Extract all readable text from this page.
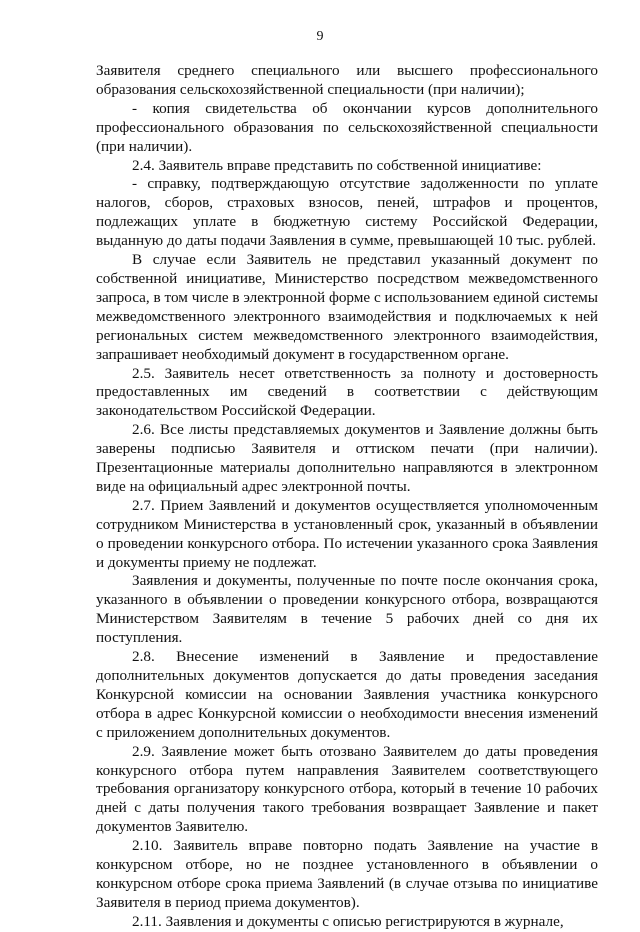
9

Заявителя среднего специального или высшего профессионального образования сельскохозяйственной специальности (при наличии);

- копия свидетельства об окончании курсов дополнительного профессионального образования по сельскохозяйственной специальности (при наличии).

2.4. Заявитель вправе представить по собственной инициативе:

- справку, подтверждающую отсутствие задолженности по уплате налогов, сборов, страховых взносов, пеней, штрафов и процентов, подлежащих уплате в бюджетную систему Российской Федерации, выданную до даты подачи Заявления в сумме, превышающей 10 тыс. рублей.

В случае если Заявитель не представил указанный документ по собственной инициативе, Министерство посредством межведомственного запроса, в том числе в электронной форме с использованием единой системы межведомственного электронного взаимодействия и подключаемых к ней региональных систем межведомственного электронного взаимодействия, запрашивает необходимый документ в государственном органе.

2.5. Заявитель несет ответственность за полноту и достоверность предоставленных им сведений в соответствии с действующим законодательством Российской Федерации.

2.6. Все листы представляемых документов и Заявление должны быть заверены подписью Заявителя и оттиском печати (при наличии). Презентационные материалы дополнительно направляются в электронном виде на официальный адрес электронной почты.

2.7. Прием Заявлений и документов осуществляется уполномоченным сотрудником Министерства в установленный срок, указанный в объявлении о проведении конкурсного отбора. По истечении указанного срока Заявления и документы приему не подлежат.

Заявления и документы, полученные по почте после окончания срока, указанного в объявлении о проведении конкурсного отбора, возвращаются Министерством Заявителям в течение 5 рабочих дней со дня их поступления.

2.8. Внесение изменений в Заявление и предоставление дополнительных документов допускается до даты проведения заседания Конкурсной комиссии на основании Заявления участника конкурсного отбора в адрес Конкурсной комиссии о необходимости внесения изменений с приложением дополнительных документов.

2.9. Заявление может быть отозвано Заявителем до даты проведения конкурсного отбора путем направления Заявителем соответствующего требования организатору конкурсного отбора, который в течение 10 рабочих дней с даты получения такого требования возвращает Заявление и пакет документов Заявителю.

2.10. Заявитель вправе повторно подать Заявление на участие в конкурсном отборе, но не позднее установленного в объявлении о конкурсном отборе срока приема Заявлений (в случае отзыва по инициативе Заявителя в период приема документов).

2.11. Заявления и документы с описью регистрируются в журнале,
